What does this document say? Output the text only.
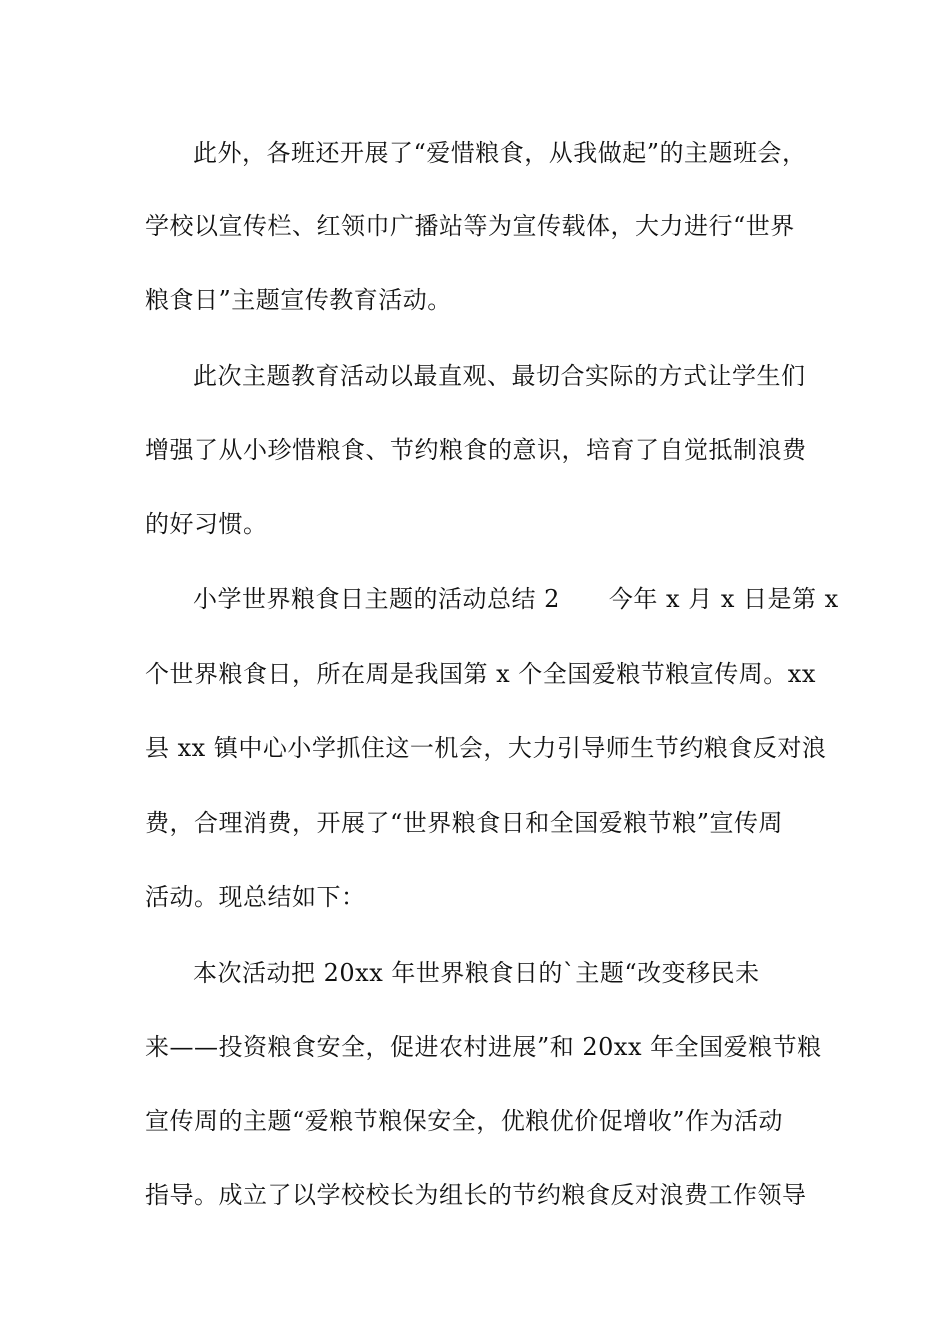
此外，各班还开展了“爱惜粮食，从我做起”的主题班会，
学校以宣传栏、红领巾广播站等为宣传载体，大力进行“世界
粮食日”主题宣传教育活动。
此次主题教育活动以最直观、最切合实际的方式让学生们
增强了从小珍惜粮食、节约粮食的意识，培育了自觉抵制浪费
的好习惯。
小学世界粮食日主题的活动总结 2　　今年 x 月 x 日是第 x
个世界粮食日，所在周是我国第 x 个全国爱粮节粮宣传周。xx
县 xx 镇中心小学抓住这一机会，大力引导师生节约粮食反对浪
费，合理消费，开展了“世界粮食日和全国爱粮节粮”宣传周
活动。现总结如下：
本次活动把 20xx 年世界粮食日的`主题“改变移民未
来——投资粮食安全，促进农村进展”和 20xx 年全国爱粮节粮
宣传周的主题“爱粮节粮保安全，优粮优价促增收”作为活动
指导。成立了以学校校长为组长的节约粮食反对浪费工作领导
